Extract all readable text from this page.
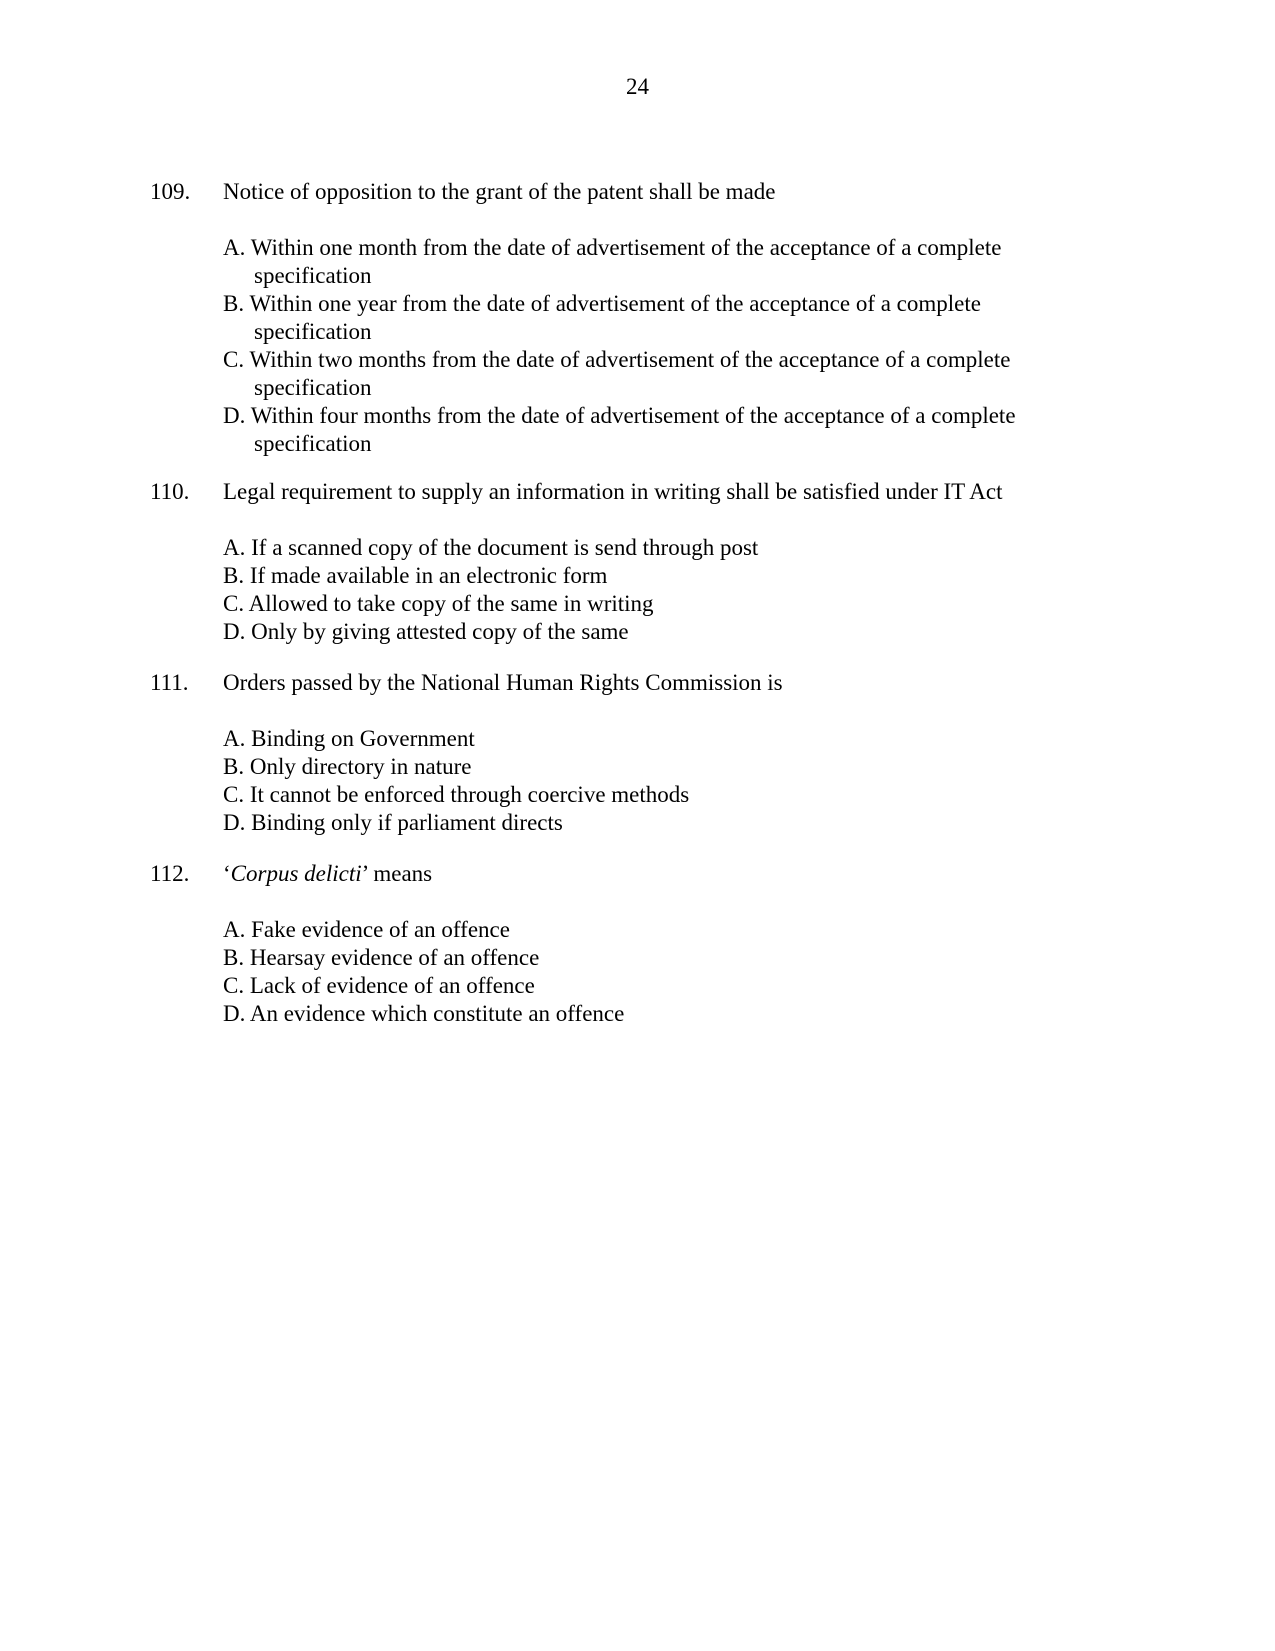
24
109. Notice of opposition to the grant of the patent shall be made
A. Within one month from the date of advertisement of the acceptance of a complete specification
B. Within one year from the date of advertisement of the acceptance of a complete specification
C. Within two months from the date of advertisement of the acceptance of a complete specification
D. Within four months from the date of advertisement of the acceptance of a complete specification
110. Legal requirement to supply an information in writing shall be satisfied under IT Act
A. If a scanned copy of the document is send through post
B. If made available in an electronic form
C. Allowed to take copy of the same in writing
D. Only by giving attested copy of the same
111. Orders passed by the National Human Rights Commission is
A. Binding on Government
B. Only directory in nature
C. It cannot be enforced through coercive methods
D. Binding only if parliament directs
112. ‘Corpus delicti’ means
A. Fake evidence of an offence
B. Hearsay evidence of an offence
C. Lack of evidence of an offence
D. An evidence which constitute an offence
